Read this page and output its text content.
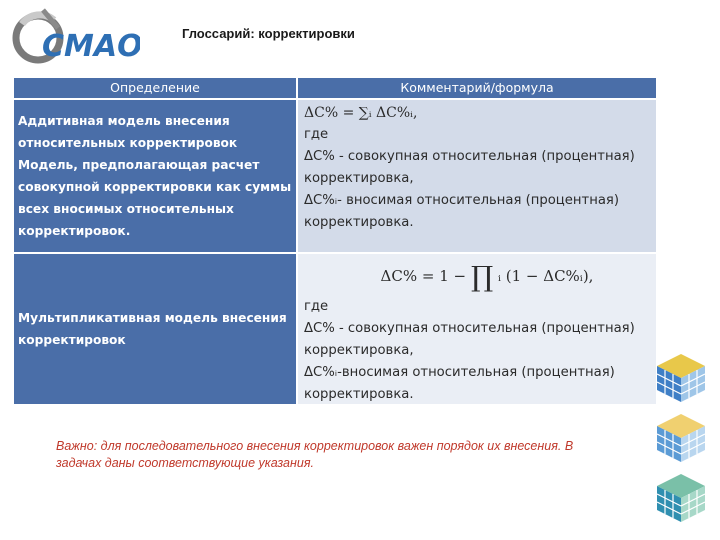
СМАО	Глоссарий: корректировки
Определение	Комментарий/формула
Аддитивная модель внесения
относительных корректировок
Модель, предполагающая расчет
совокупной корректировки как суммы
всех вносимых относительных
корректировок.
ΔC% = ∑ᵢ ΔC%ᵢ,
где
ΔC% - совокупная относительная (процентная)
корректировка,
ΔC%ᵢ- вносимая относительная (процентная)
корректировка.
Мультипликативная модель внесения
корректировок
ΔC% = 1 − ∏ ᵢ (1 − ΔC%ᵢ),
где
ΔC% - совокупная относительная (процентная)
корректировка,
ΔC%ᵢ-вносимая относительная (процентная)
корректировка.
Важно: для последовательного внесения корректировок важен порядок их внесения. В задачах даны соответствующие указания.
